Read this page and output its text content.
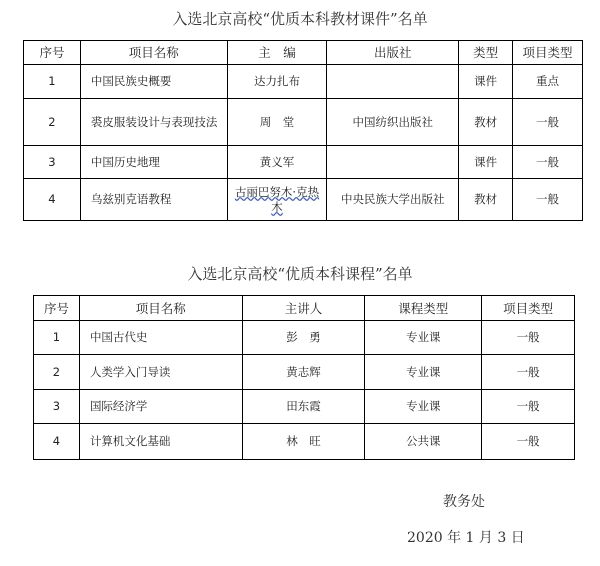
入选北京高校“优质本科教材课件”名单
序号	项目名称	主　编	出版社	类型	项目类型
1	中国民族史概要	达力扎布		课件	重点
2	裘皮服装设计与表现技法	周　堂	中国纺织出版社	教材	一般
3	中国历史地理	黄义军		课件	一般
4	乌兹别克语教程	古丽巴努木·克热木	中央民族大学出版社	教材	一般
入选北京高校“优质本科课程”名单
序号	项目名称	主讲人	课程类型	项目类型
1	中国古代史	彭　勇	专业课	一般
2	人类学入门导读	黄志辉	专业课	一般
3	国际经济学	田东霞	专业课	一般
4	计算机文化基础	林　旺	公共课	一般
教务处
2020 年 1 月 3 日
